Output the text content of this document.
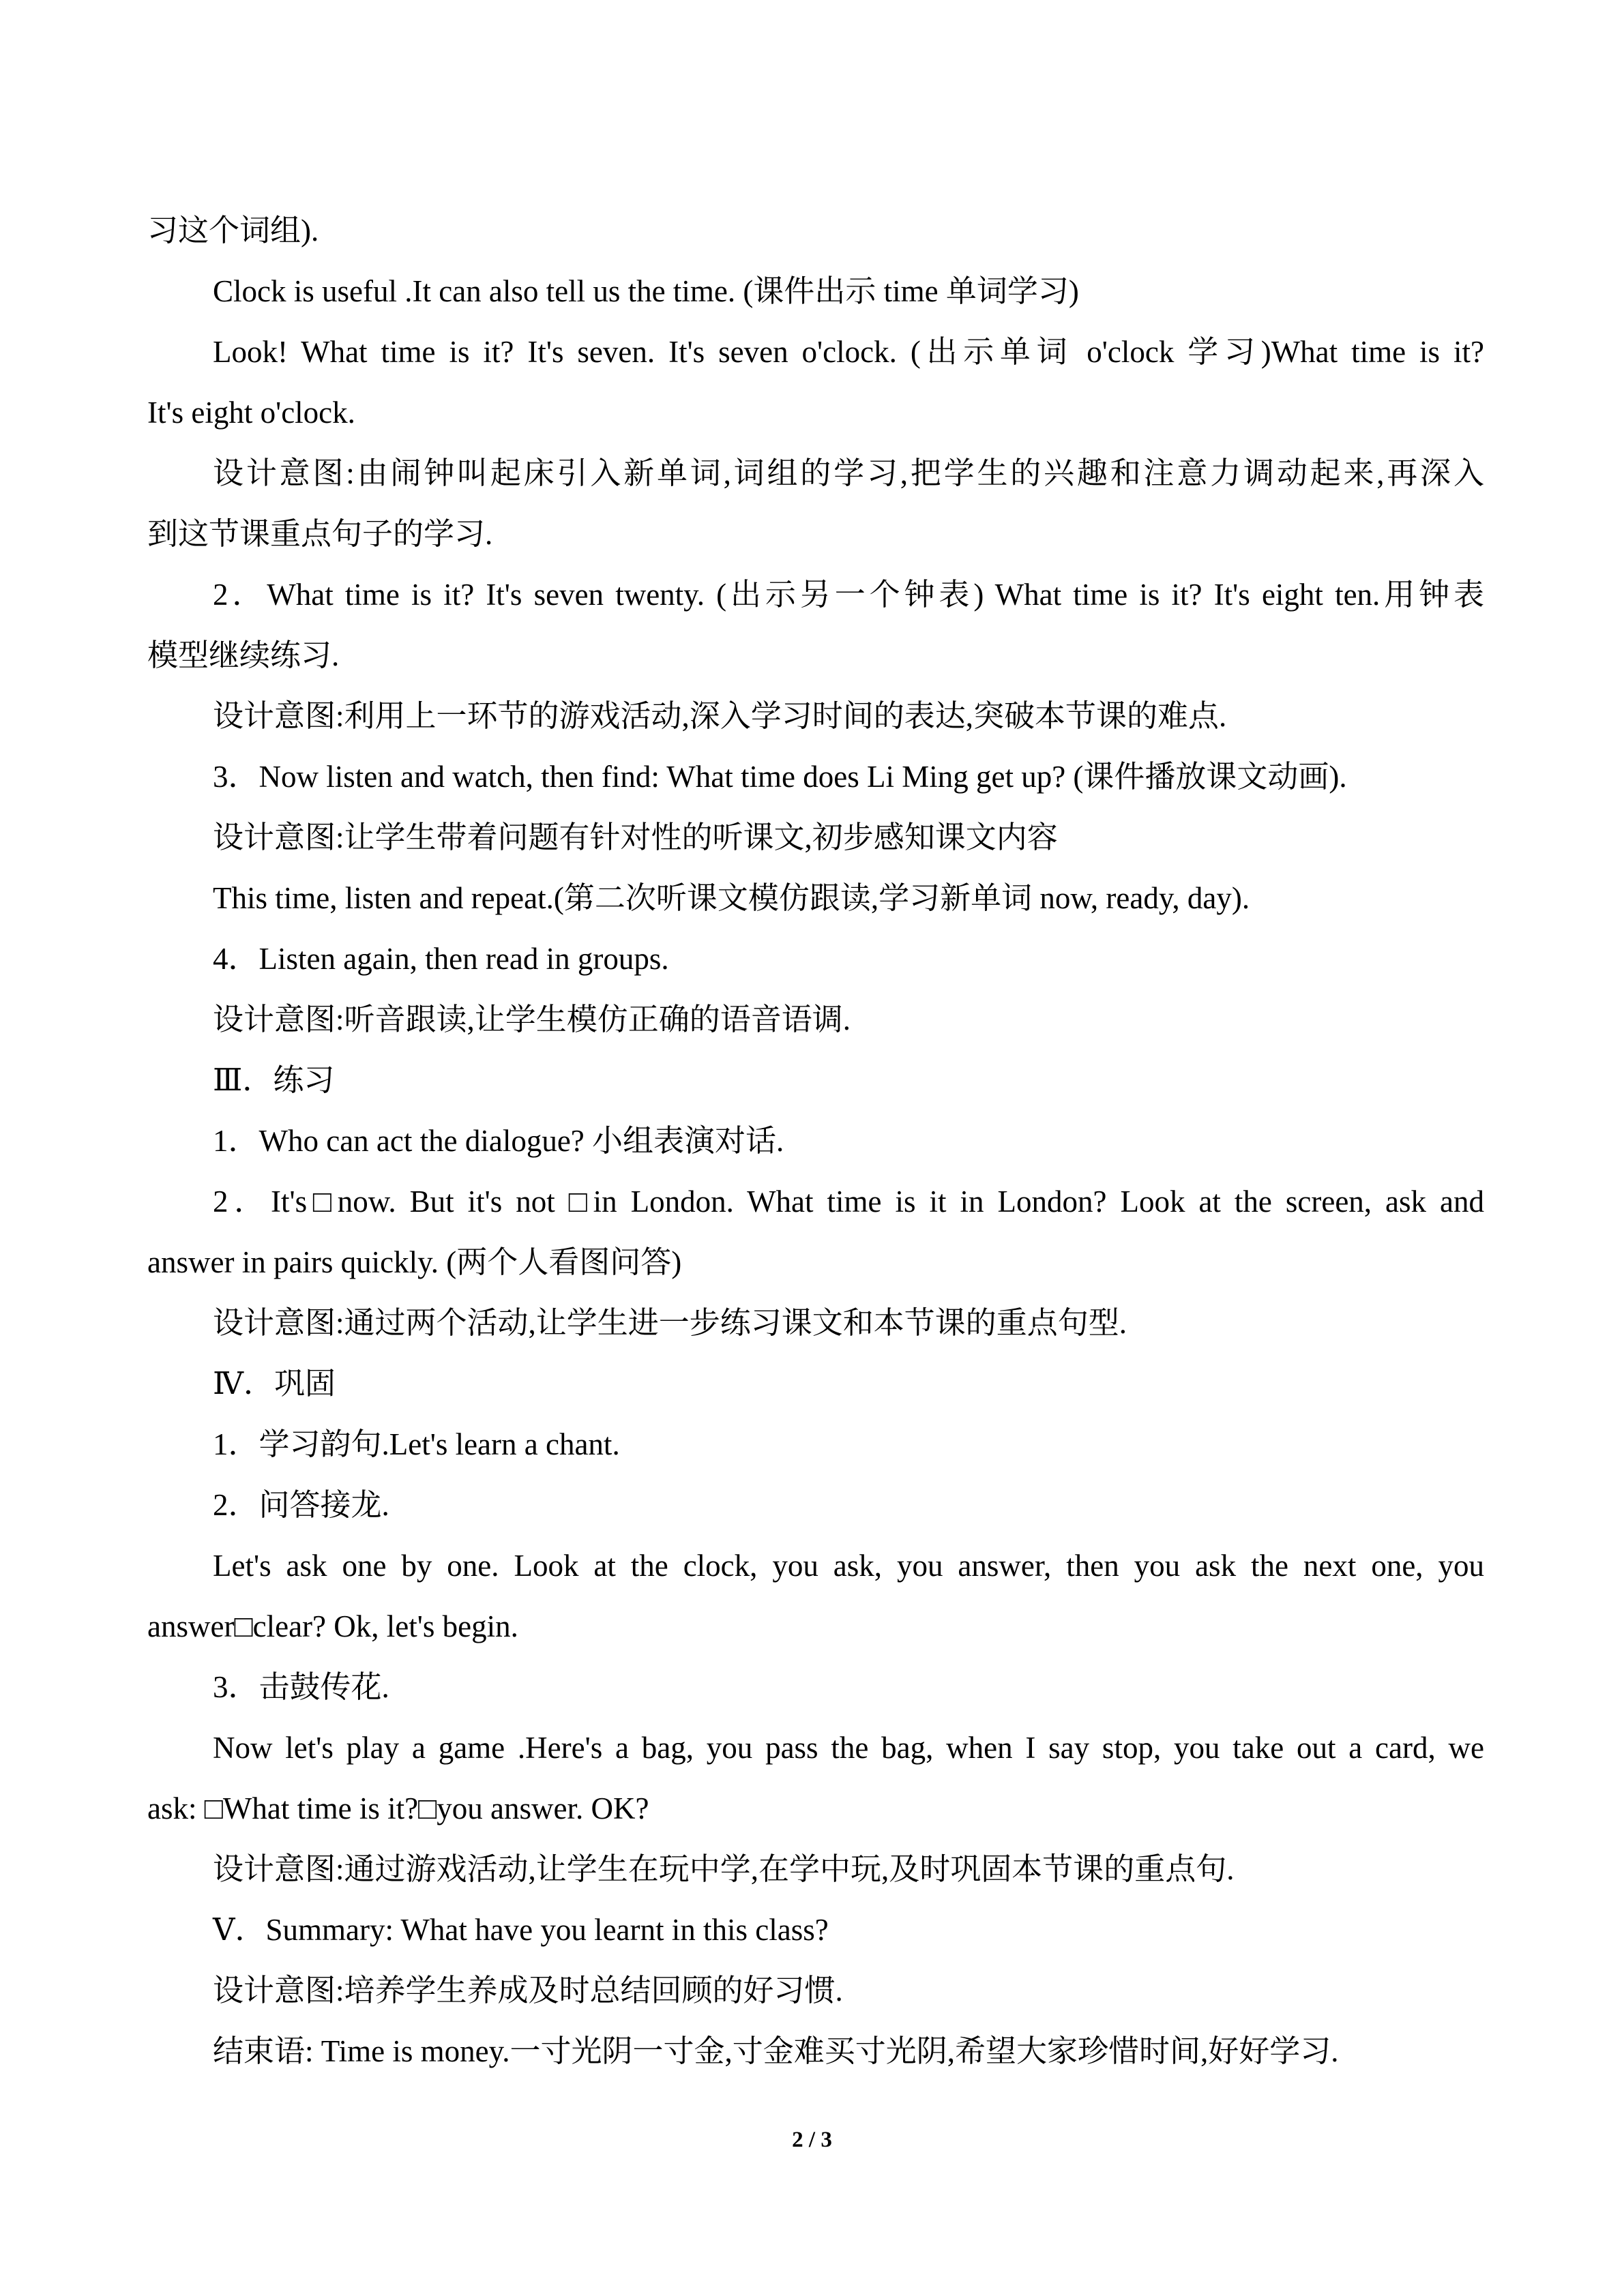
习这个词组).
Clock is useful .It can also tell us the time. (课件出示 time 单词学习)
Look! What time is it? It's seven. It's seven o'clock. (出示单词 o'clock 学习)What time is it?
It's eight o'clock.
设计意图:由闹钟叫起床引入新单词,词组的学习,把学生的兴趣和注意力调动起来,再深入
到这节课重点句子的学习.
2．What time is it? It's seven twenty. (出示另一个钟表) What time is it? It's eight ten.用钟表
模型继续练习.
设计意图:利用上一环节的游戏活动,深入学习时间的表达,突破本节课的难点.
3．Now listen and watch, then find: What time does Li Ming get up? (课件播放课文动画).
设计意图:让学生带着问题有针对性的听课文,初步感知课文内容
This time, listen and repeat.(第二次听课文模仿跟读,学习新单词 now, ready, day).
4．Listen again, then read in groups.
设计意图:听音跟读,让学生模仿正确的语音语调.
Ⅲ．练习
1．Who can act the dialogue? 小组表演对话.
2．It's□now. But it's not □in London. What time is it in London? Look at the screen, ask and
answer in pairs quickly. (两个人看图问答)
设计意图:通过两个活动,让学生进一步练习课文和本节课的重点句型.
Ⅳ．巩固
1．学习韵句.Let's learn a chant.
2．问答接龙.
Let's ask one by one. Look at the clock, you ask, you answer, then you ask the next one, you
answer□clear? Ok, let's begin.
3．击鼓传花.
Now let's play a game .Here's a bag, you pass the bag, when I say stop, you take out a card, we
ask: □What time is it?□you answer. OK?
设计意图:通过游戏活动,让学生在玩中学,在学中玩,及时巩固本节课的重点句.
Ⅴ．Summary: What have you learnt in this class?
设计意图:培养学生养成及时总结回顾的好习惯.
结束语: Time is money.一寸光阴一寸金,寸金难买寸光阴,希望大家珍惜时间,好好学习.
2 / 3
